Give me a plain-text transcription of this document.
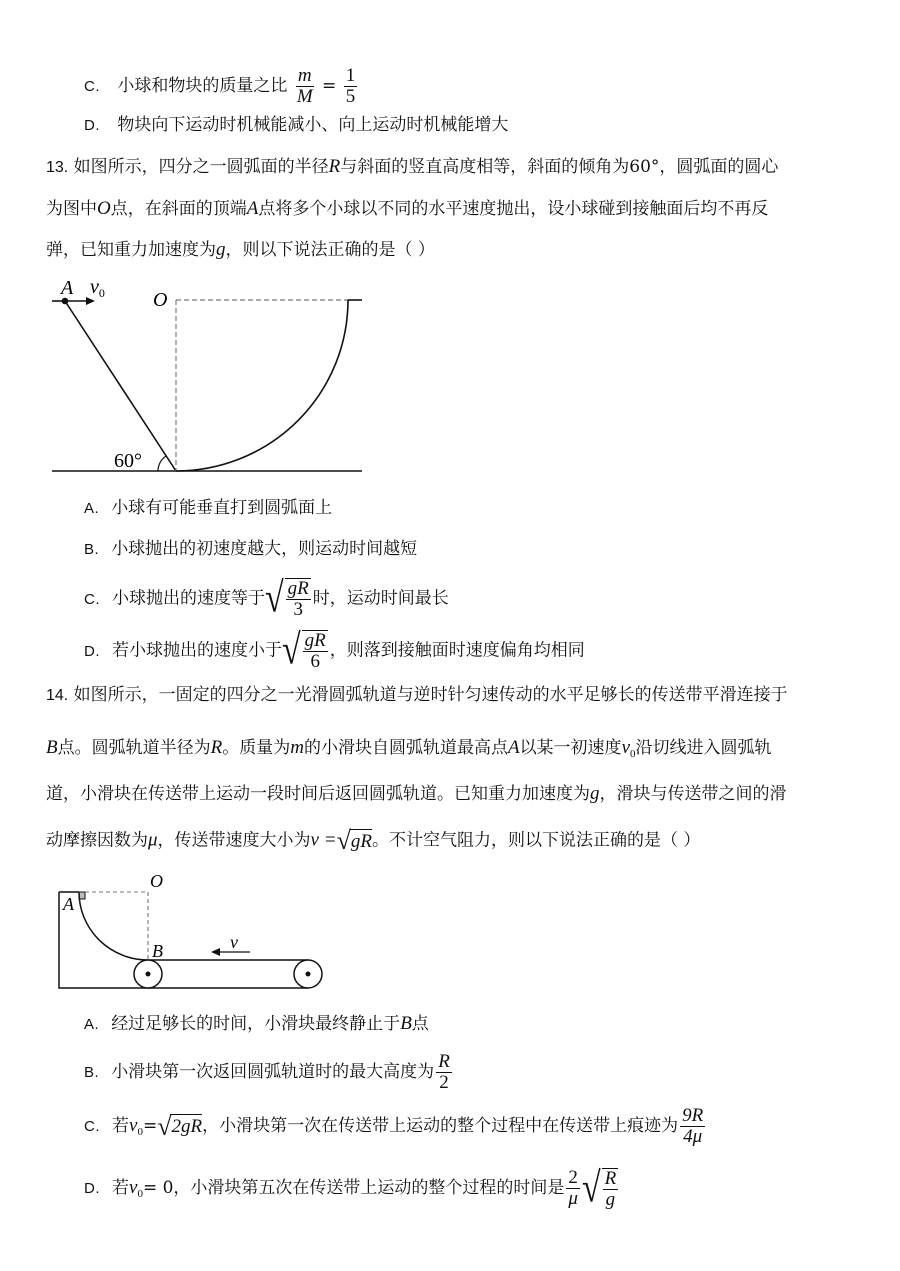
C. 小球和物块的质量之比 $\frac{m}{M} = \frac{1}{5}$
D. 物块向下运动时机械能减小、向上运动时机械能增大
13. 如图所示，四分之一圆弧面的半径R与斜面的竖直高度相等，斜面的倾角为60°，圆弧面的圆心
为图中O点，在斜面的顶端A点将多个小球以不同的水平速度抛出，设小球碰到接触面后均不再反
弹，已知重力加速度为g，则以下说法正确的是（ ）
A $v_0$ O
60°
A. 小球有可能垂直打到圆弧面上
B. 小球抛出的初速度越大，则运动时间越短
C. 小球抛出的速度等于 √ $\frac{gR}{3}$ 时，运动时间最长
D. 若小球抛出的速度小于 √ $\frac{gR}{6}$ ，则落到接触面时速度偏角均相同
14. 如图所示，一固定的四分之一光滑圆弧轨道与逆时针匀速传动的水平足够长的传送带平滑连接于
B点。圆弧轨道半径为R。质量为m的小滑块自圆弧轨道最高点A以某一初速度$v_0$沿切线进入圆弧轨
道，小滑块在传送带上运动一段时间后返回圆弧轨道。已知重力加速度为g，滑块与传送带之间的滑
动摩擦因数为μ，传送带速度大小为v = √ gR 。不计空气阻力，则以下说法正确的是（ ）
O
A
B	v
A. 经过足够长的时间，小滑块最终静止于B点
B. 小滑块第一次返回圆弧轨道时的最大高度为 $\frac{R}{2}$
C. 若$v_0=$ √ 2gR ，小滑块第一次在传送带上运动的整个过程中在传送带上痕迹为 $\frac{9R}{4\mu}$
D. 若$v_0= 0$，小滑块第五次在传送带上运动的整个过程的时间是 $\frac{2}{\mu}$ √ $\frac{R}{g}$
